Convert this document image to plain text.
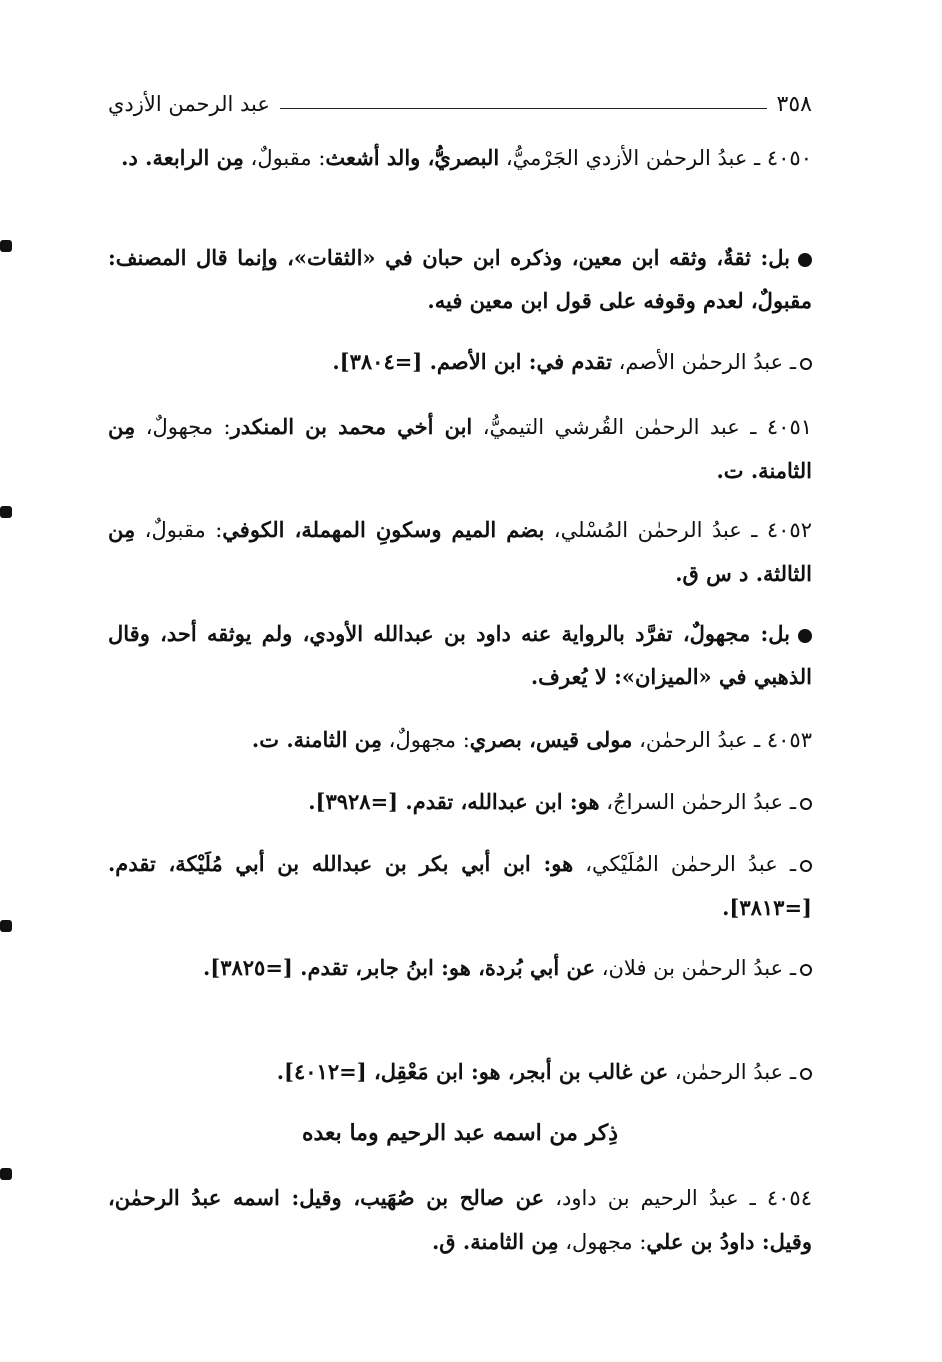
٣٥٨
عبد الرحمن الأزدي
٤٠٥٠ ـ عبدُ الرحمٰن الأزدي الجَرْميُّ، البصريُّ، والد أشعث: مقبولٌ، مِن الرابعة. د.
بل: ثقةٌ، وثقه ابن معين، وذكره ابن حبان في «الثقات»، وإنما قال المصنف: مقبولٌ، لعدم وقوفه على قول ابن معين فيه.
ـ عبدُ الرحمٰن الأصم، تقدم في: ابن الأصم. [=٣٨٠٤].
٤٠٥١ ـ عبد الرحمٰن القُرشي التيميُّ، ابن أخي محمد بن المنكدر: مجهولٌ، مِن الثامنة. ت.
٤٠٥٢ ـ عبدُ الرحمٰن المُسْلي، بضم الميم وسكونِ المهملة، الكوفي: مقبولٌ، مِن الثالثة. د س ق.
بل: مجهولٌ، تفرَّد بالرواية عنه داود بن عبدالله الأودي، ولم يوثقه أحد، وقال الذهبي في «الميزان»: لا يُعرف.
٤٠٥٣ ـ عبدُ الرحمٰن، مولى قيس، بصري: مجهولٌ، مِن الثامنة. ت.
ـ عبدُ الرحمٰن السراجُ، هو: ابن عبدالله، تقدم. [=٣٩٢٨].
ـ عبدُ الرحمٰن المُلَيْكي، هو: ابن أبي بكر بن عبدالله بن أبي مُلَيْكة، تقدم. [=٣٨١٣].
ـ عبدُ الرحمٰن بن فلان، عن أبي بُردة، هو: ابنُ جابر، تقدم. [=٣٨٢٥].
ـ عبدُ الرحمٰن، عن غالب بن أبجر، هو: ابن مَعْقِل، [=٤٠١٢].
ذِكر من اسمه عبد الرحيم وما بعده
٤٠٥٤ ـ عبدُ الرحيم بن داود، عن صالح بن صُهَيب، وقيل: اسمه عبدُ الرحمٰن، وقيل: داودُ بن علي: مجهول، مِن الثامنة. ق.
